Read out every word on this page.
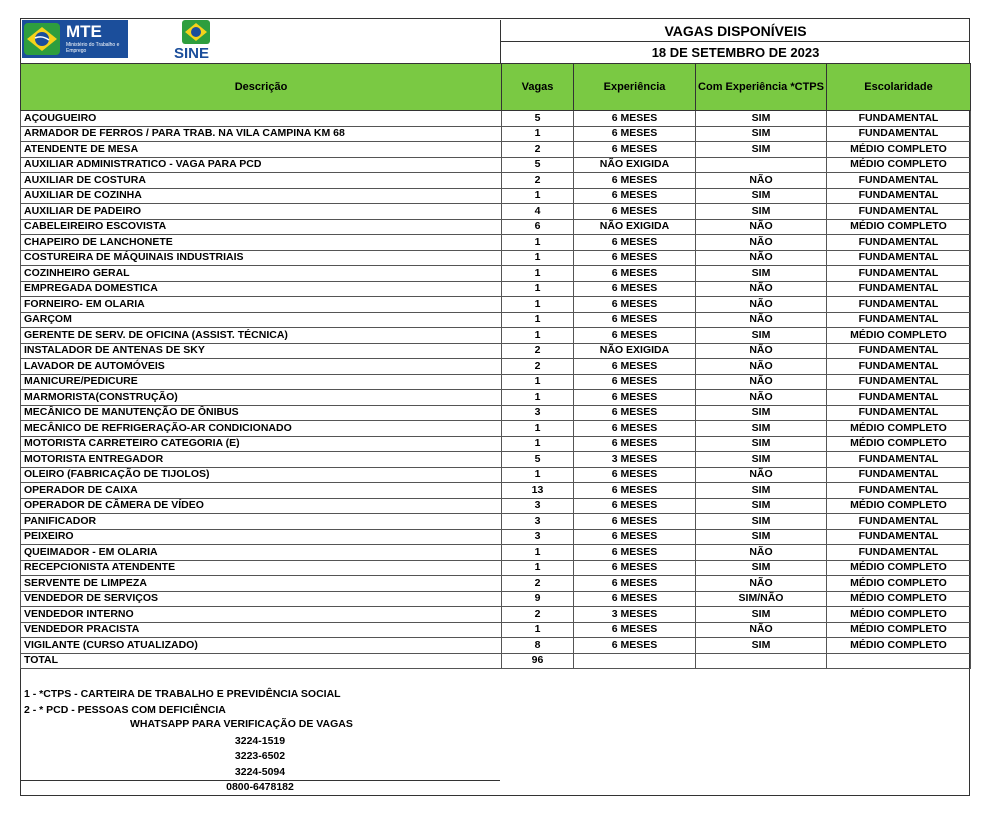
MTE
Ministério do Trabalho e Emprego	SINE
VAGAS DISPONÍVEIS
18 DE SETEMBRO DE 2023
Descrição	Vagas	Experiência	Com Experiência *CTPS	Escolaridade
AÇOUGUEIRO	5	6 MESES	SIM	FUNDAMENTAL
ARMADOR DE FERROS / PARA TRAB. NA VILA CAMPINA KM 68	1	6 MESES	SIM	FUNDAMENTAL
ATENDENTE DE MESA	2	6 MESES	SIM	MÉDIO COMPLETO
AUXILIAR ADMINISTRATICO - VAGA PARA PCD	5	NÃO EXIGIDA		MÉDIO COMPLETO
AUXILIAR DE COSTURA	2	6 MESES	NÃO	FUNDAMENTAL
AUXILIAR DE COZINHA	1	6 MESES	SIM	FUNDAMENTAL
AUXILIAR DE PADEIRO	4	6 MESES	SIM	FUNDAMENTAL
CABELEIREIRO ESCOVISTA	6	NÃO EXIGIDA	NÃO	MÉDIO COMPLETO
CHAPEIRO DE LANCHONETE	1	6 MESES	NÃO	FUNDAMENTAL
COSTUREIRA DE MÁQUINAIS INDUSTRIAIS	1	6 MESES	NÃO	FUNDAMENTAL
COZINHEIRO GERAL	1	6 MESES	SIM	FUNDAMENTAL
EMPREGADA DOMESTICA	1	6 MESES	NÃO	FUNDAMENTAL
FORNEIRO- EM OLARIA	1	6 MESES	NÃO	FUNDAMENTAL
GARÇOM	1	6 MESES	NÃO	FUNDAMENTAL
GERENTE DE SERV. DE OFICINA (ASSIST. TÉCNICA)	1	6 MESES	SIM	MÉDIO COMPLETO
INSTALADOR DE ANTENAS DE SKY	2	NÃO EXIGIDA	NÃO	FUNDAMENTAL
LAVADOR DE AUTOMÓVEIS	2	6 MESES	NÃO	FUNDAMENTAL
MANICURE/PEDICURE	1	6 MESES	NÃO	FUNDAMENTAL
MARMORISTA(CONSTRUÇÃO)	1	6 MESES	NÃO	FUNDAMENTAL
MECÂNICO DE MANUTENÇÃO DE ÔNIBUS	3	6 MESES	SIM	FUNDAMENTAL
MECÂNICO DE REFRIGERAÇÃO-AR CONDICIONADO	1	6 MESES	SIM	MÉDIO COMPLETO
MOTORISTA CARRETEIRO CATEGORIA (E)	1	6 MESES	SIM	MÉDIO COMPLETO
MOTORISTA ENTREGADOR	5	3 MESES	SIM	FUNDAMENTAL
OLEIRO (FABRICAÇÃO DE TIJOLOS)	1	6 MESES	NÃO	FUNDAMENTAL
OPERADOR DE CAIXA	13	6 MESES	SIM	FUNDAMENTAL
OPERADOR DE CÂMERA DE VÍDEO	3	6 MESES	SIM	MÉDIO COMPLETO
PANIFICADOR	3	6 MESES	SIM	FUNDAMENTAL
PEIXEIRO	3	6 MESES	SIM	FUNDAMENTAL
QUEIMADOR - EM OLARIA	1	6 MESES	NÃO	FUNDAMENTAL
RECEPCIONISTA ATENDENTE	1	6 MESES	SIM	MÉDIO COMPLETO
SERVENTE DE LIMPEZA	2	6 MESES	NÃO	MÉDIO COMPLETO
VENDEDOR DE SERVIÇOS	9	6 MESES	SIM/NÃO	MÉDIO COMPLETO
VENDEDOR INTERNO	2	3 MESES	SIM	MÉDIO COMPLETO
VENDEDOR PRACISTA	1	6 MESES	NÃO	MÉDIO COMPLETO
VIGILANTE (CURSO ATUALIZADO)	8	6 MESES	SIM	MÉDIO COMPLETO
TOTAL	96			
1 - *CTPS - CARTEIRA DE TRABALHO E PREVIDÊNCIA SOCIAL
2 - * PCD - PESSOAS COM DEFICIÊNCIA
WHATSAPP PARA VERIFICAÇÃO DE VAGAS
3224-1519
3223-6502
3224-5094
0800-6478182
